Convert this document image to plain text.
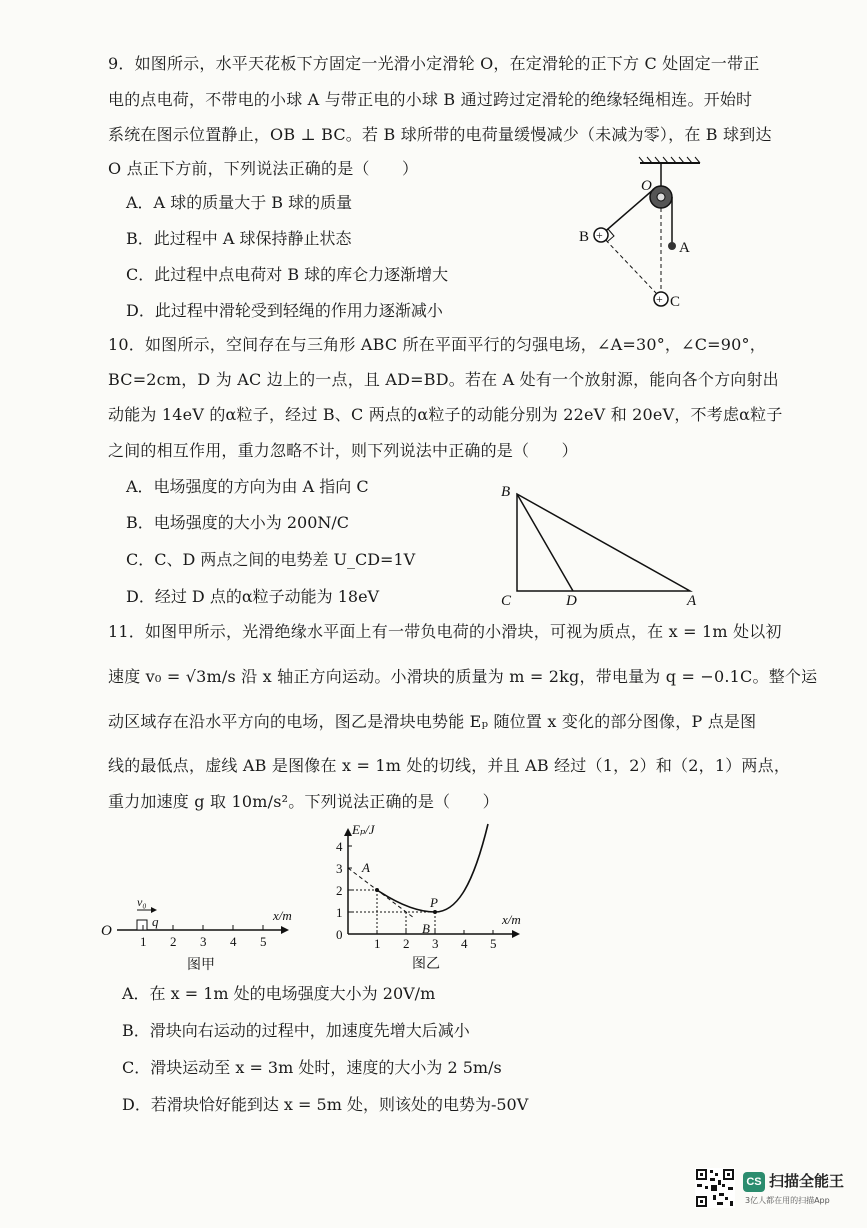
9．如图所示，水平天花板下方固定一光滑小定滑轮 O，在定滑轮的正下方 C 处固定一带正
电的点电荷，不带电的小球 A 与带正电的小球 B 通过跨过定滑轮的绝缘轻绳相连。开始时
系统在图示位置静止，OB ⊥ BC。若 B 球所带的电荷量缓慢减少（未减为零），在 B 球到达
O 点正下方前，下列说法正确的是（　　）
A．A 球的质量大于 B 球的质量
B．此过程中 A 球保持静止状态
C．此过程中点电荷对 B 球的库仑力逐渐增大
D．此过程中滑轮受到轻绳的作用力逐渐减小
+
+
O
B
A
C
10．如图所示，空间存在与三角形 ABC 所在平面平行的匀强电场，∠A=30°，∠C=90°，
BC=2cm，D 为 AC 边上的一点，且 AD=BD。若在 A 处有一个放射源，能向各个方向射出
动能为 14eV 的α粒子，经过 B、C 两点的α粒子的动能分别为 22eV 和 20eV，不考虑α粒子
之间的相互作用，重力忽略不计，则下列说法中正确的是（　　）
A．电场强度的方向为由 A 指向 C
B．电场强度的大小为 200N/C
C．C、D 两点之间的电势差 U_CD=1V
D．经过 D 点的α粒子动能为 18eV
B
C	D	A
11．如图甲所示，光滑绝缘水平面上有一带负电荷的小滑块，可视为质点，在 x = 1m 处以初
速度 v₀ = √3m/s 沿 x 轴正方向运动。小滑块的质量为 m = 2kg，带电量为 q = −0.1C。整个运
动区域存在沿水平方向的电场，图乙是滑块电势能 Eₚ 随位置 x 变化的部分图像，P 点是图
线的最低点，虚线 AB 是图像在 x = 1m 处的切线，并且 AB 经过（1，2）和（2，1）两点，
重力加速度 g 取 10m/s²。下列说法正确的是（　　）
O
x/m
v₀
q
1 2 3 4 5
图甲
Eₚ/J
x/m
4
3
2
1
0
1 2 3 4 5
A
B
P
图乙
A．在 x = 1m 处的电场强度大小为 20V/m
B．滑块向右运动的过程中，加速度先增大后减小
C．滑块运动至 x = 3m 处时，速度的大小为 2 5m/s
D．若滑块恰好能到达 x = 5m 处，则该处的电势为-50V
CS 扫描全能王
3亿人都在用的扫描App
